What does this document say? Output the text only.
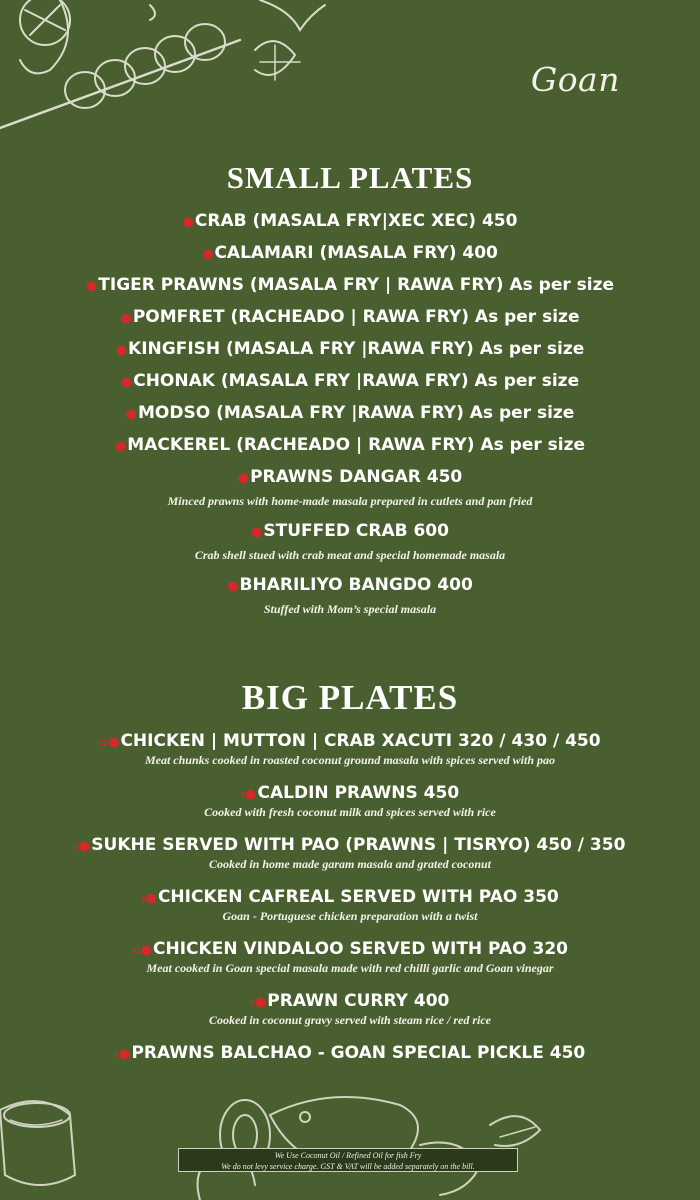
Goan
SMALL PLATES
●CRAB (MASALA FRY|XEC XEC) 450
●CALAMARI (MASALA FRY) 400
●TIGER PRAWNS (MASALA FRY | RAWA FRY) As per size
●POMFRET (RACHEADO | RAWA FRY) As per size
●KINGFISH (MASALA FRY |RAWA FRY) As per size
●CHONAK (MASALA FRY |RAWA FRY) As per size
●MODSO (MASALA FRY |RAWA FRY) As per size
●MACKEREL (RACHEADO | RAWA FRY) As per size
●PRAWNS DANGAR 450
Minced prawns with home-made masala prepared in cutlets and pan fried
●STUFFED CRAB 600
Crab shell stued with crab meat and special homemade masala
●BHARILIYO BANGDO 400
Stuffed with Mom’s special masala
BIG PLATES
⸗⸗●CHICKEN | MUTTON | CRAB XACUTI 320 / 430 / 450
Meat chunks cooked in roasted coconut ground masala with spices served with pao
⸗●CALDIN PRAWNS 450
Cooked with fresh coconut milk and spices served with rice
⸗●SUKHE SERVED WITH PAO (PRAWNS | TISRYO) 450 / 350
Cooked in home made garam masala and grated coconut
⸗●CHICKEN CAFREAL SERVED WITH PAO 350
Goan - Portuguese chicken preparation with a twist
⸗⸗●CHICKEN VINDALOO SERVED WITH PAO 320
Meat cooked in Goan special masala made with red chilli garlic and Goan vinegar
⸗●PRAWN CURRY 400
Cooked in coconut gravy served with steam rice / red rice
⸗●PRAWNS BALCHAO - GOAN SPECIAL PICKLE 450
We Use Coconut Oil / Refined Oil for fish Fry
We do not levy service charge. GST & VAT will be added separately on the bill.
